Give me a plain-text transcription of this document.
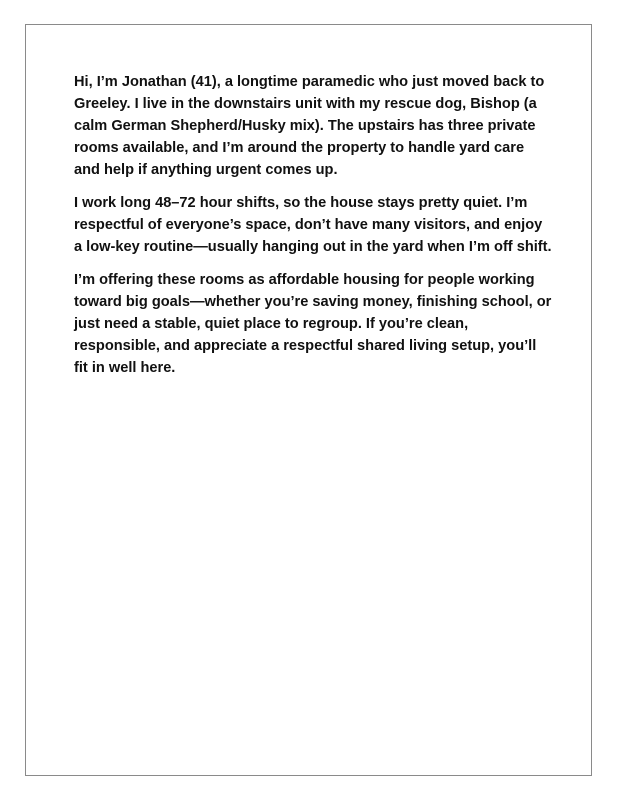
Hi, I’m Jonathan (41), a longtime paramedic who just moved back to Greeley. I live in the downstairs unit with my rescue dog, Bishop (a calm German Shepherd/Husky mix). The upstairs has three private rooms available, and I’m around the property to handle yard care and help if anything urgent comes up.

I work long 48–72 hour shifts, so the house stays pretty quiet. I’m respectful of everyone’s space, don’t have many visitors, and enjoy a low-key routine—usually hanging out in the yard when I’m off shift.

I’m offering these rooms as affordable housing for people working toward big goals—whether you’re saving money, finishing school, or just need a stable, quiet place to regroup. If you’re clean, responsible, and appreciate a respectful shared living setup, you’ll fit in well here.
